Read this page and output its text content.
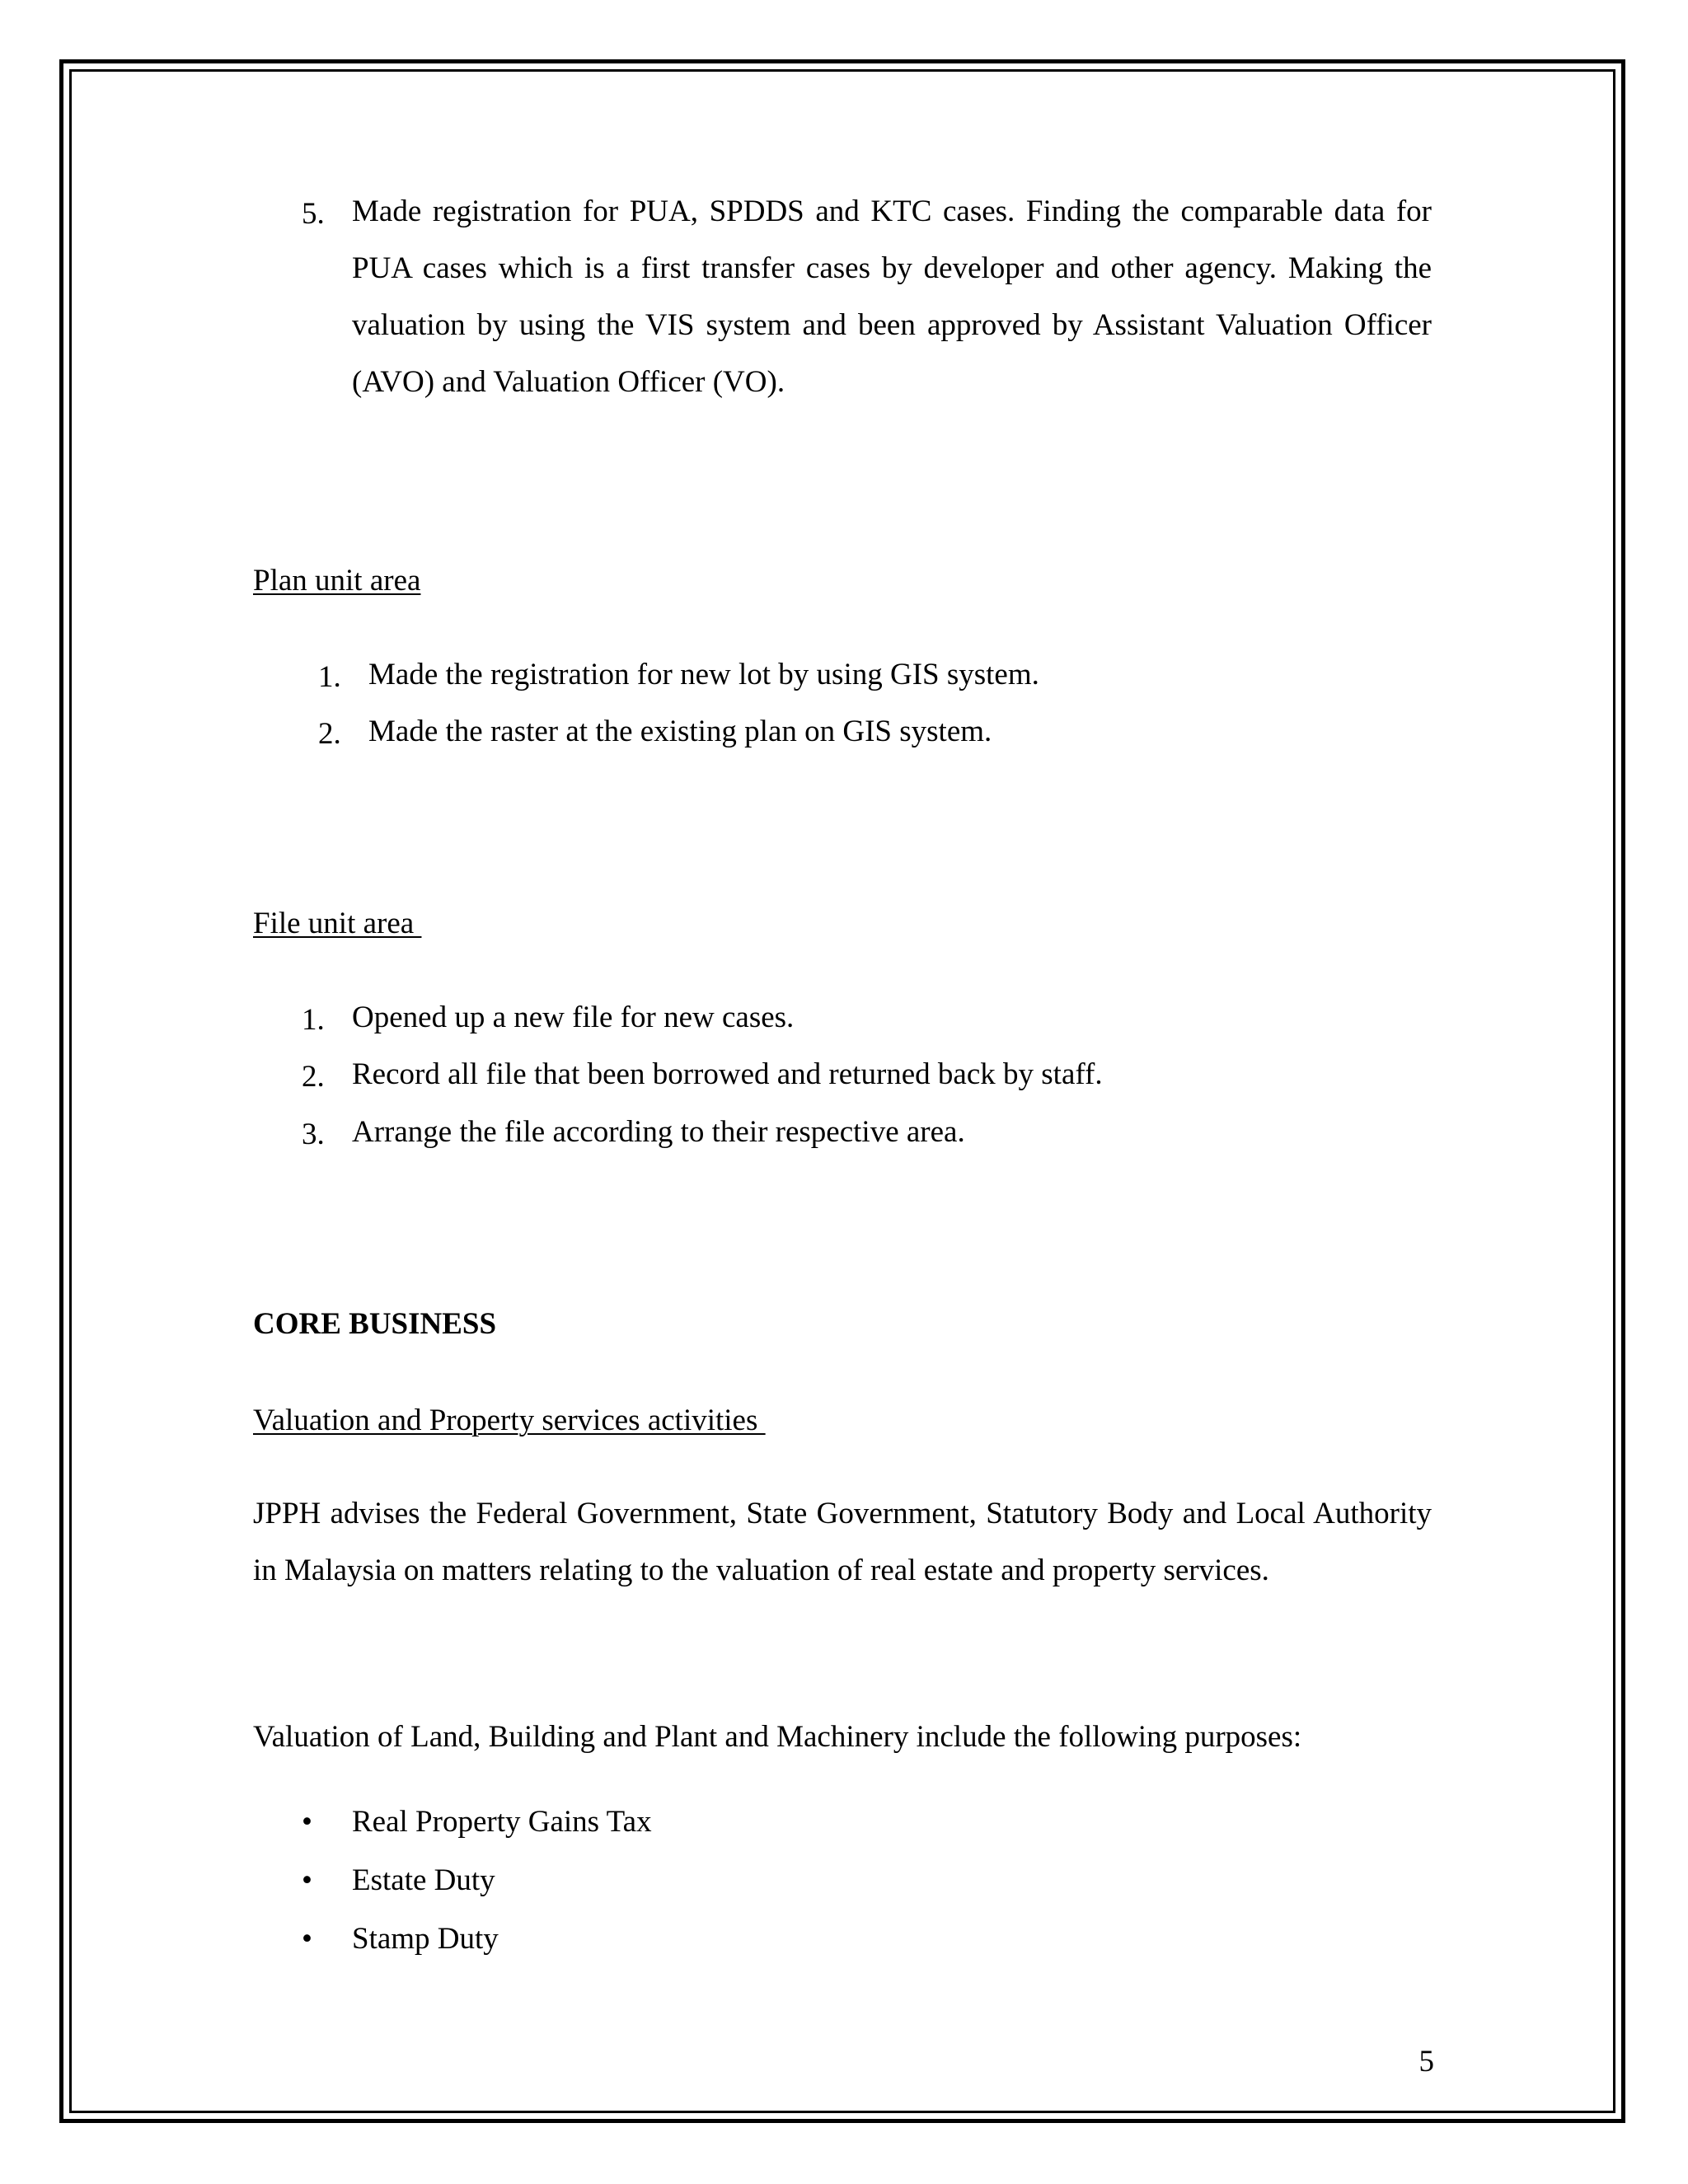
5. Made registration for PUA, SPDDS and KTC cases. Finding the comparable data for PUA cases which is a first transfer cases by developer and other agency. Making the valuation by using the VIS system and been approved by Assistant Valuation Officer (AVO) and Valuation Officer (VO).
Plan unit area
1. Made the registration for new lot by using GIS system.
2. Made the raster at the existing plan on GIS system.
File unit area
1. Opened up a new file for new cases.
2. Record all file that been borrowed and returned back by staff.
3. Arrange the file according to their respective area.
CORE BUSINESS
Valuation and Property services activities
JPPH advises the Federal Government, State Government, Statutory Body and Local Authority in Malaysia on matters relating to the valuation of real estate and property services.
Valuation of Land, Building and Plant and Machinery include the following purposes:
• Real Property Gains Tax
• Estate Duty
• Stamp Duty
5
